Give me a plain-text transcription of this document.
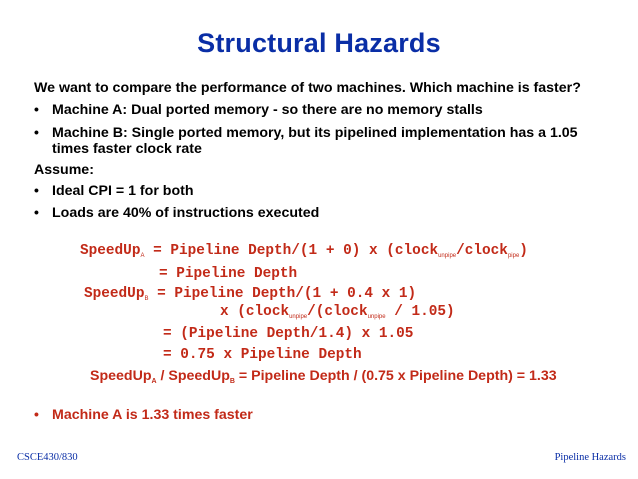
Structural Hazards
We want to compare the performance of two machines. Which machine is faster?
• Machine A: Dual ported memory - so there are no memory stalls
• Machine B: Single ported memory, but its pipelined implementation has a 1.05
times faster clock rate
Assume:
• Ideal CPI = 1 for both
• Loads are 40% of instructions executed
SpeedUp$_A$ = Pipeline Depth/(1 + 0) x (clock$_{unpipe}$/clock$_{pipe}$)
= Pipeline Depth
SpeedUp$_B$ = Pipeline Depth/(1 + 0.4 x 1)
x (clock$_{unpipe}$/(clock$_{unpipe}$ / 1.05)
= (Pipeline Depth/1.4) x 1.05
= 0.75 x Pipeline Depth
SpeedUp$_A$ / SpeedUp$_B$ = Pipeline Depth / (0.75 x Pipeline Depth) = 1.33
• Machine A is 1.33 times faster
CSCE430/830	Pipeline Hazards
